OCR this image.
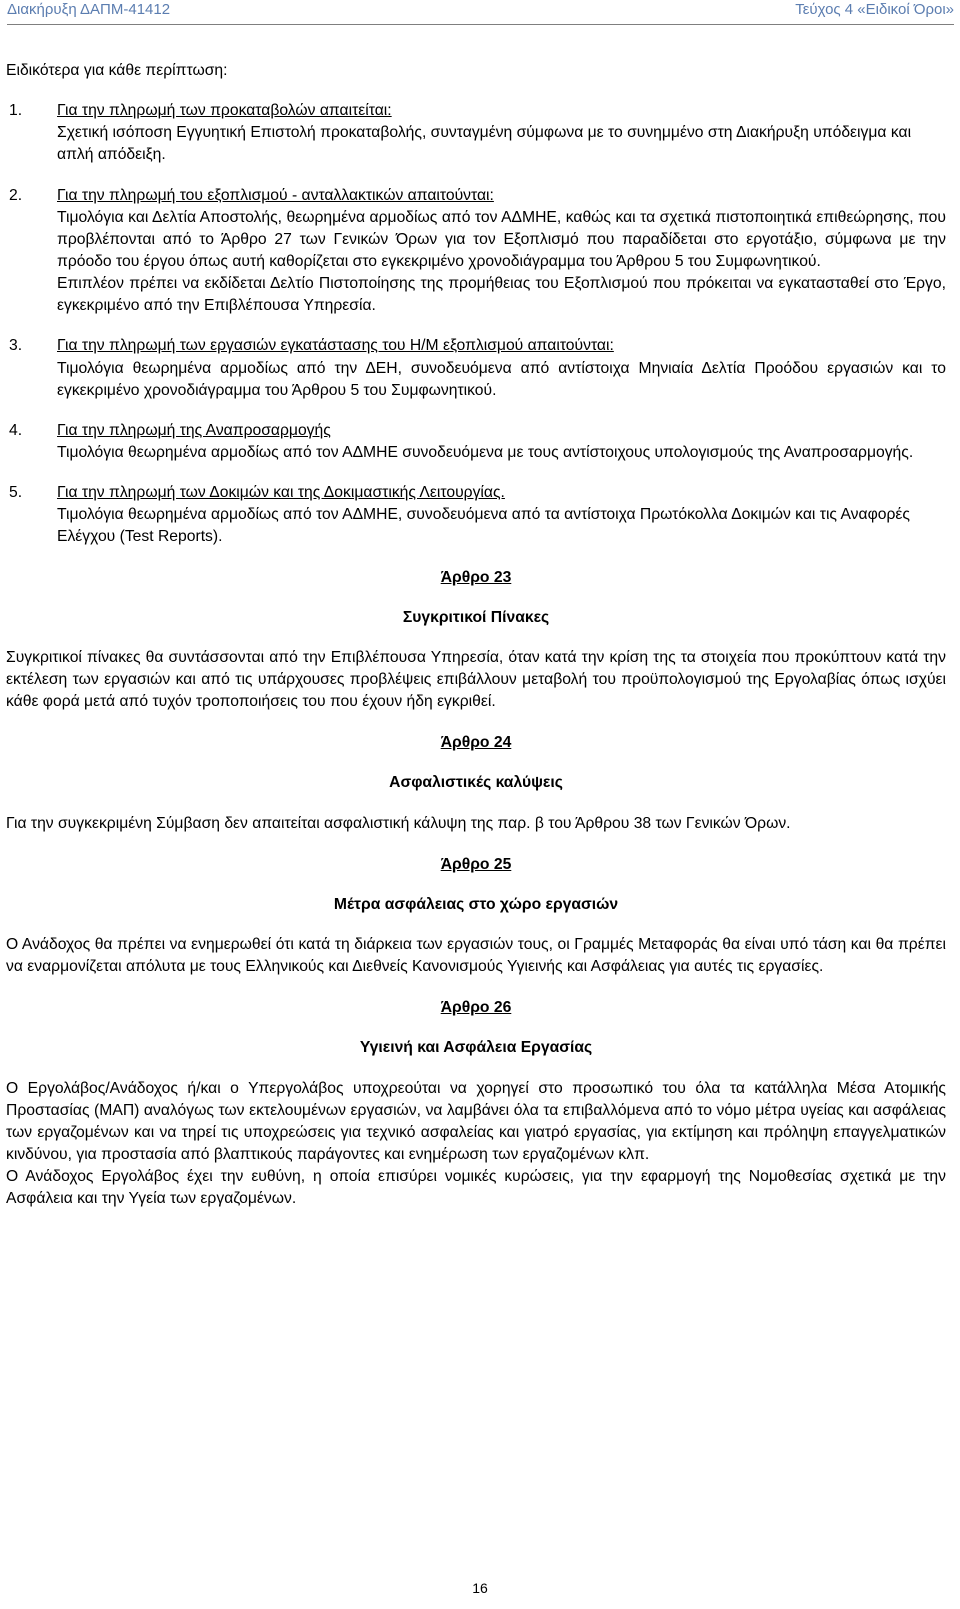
Διακήρυξη ΔΑΠΜ-41412	Τεύχος 4 «Ειδικοί Όροι»

Ειδικότερα για κάθε περίπτωση:

1. Για την πληρωμή των προκαταβολών απαιτείται:

Σχετική ισόποση Εγγυητική Επιστολή προκαταβολής, συνταγμένη σύμφωνα με το συνημμένο στη Διακήρυξη υπόδειγμα και απλή απόδειξη.

2. Για την πληρωμή του εξοπλισμού - ανταλλακτικών απαιτούνται:

Τιμολόγια και Δελτία Αποστολής, θεωρημένα αρμοδίως από τον ΑΔΜΗΕ, καθώς και τα σχετικά πιστοποιητικά επιθεώρησης, που προβλέπονται από το Άρθρο 27 των Γενικών Όρων για τον Εξοπλισμό που παραδίδεται στο εργοτάξιο, σύμφωνα με την πρόοδο του έργου όπως αυτή καθορίζεται στο εγκεκριμένο χρονοδιάγραμμα του Άρθρου 5 του Συμφωνητικού.

Επιπλέον πρέπει να εκδίδεται Δελτίο Πιστοποίησης της προμήθειας του Εξοπλισμού που πρόκειται να εγκατασταθεί στο Έργο, εγκεκριμένο από την Επιβλέπουσα Υπηρεσία.

3. Για την πληρωμή των εργασιών εγκατάστασης του Η/Μ εξοπλισμού απαιτούνται:

Τιμολόγια θεωρημένα αρμοδίως από την ΔΕΗ, συνοδευόμενα από αντίστοιχα Μηνιαία Δελτία Προόδου εργασιών και το εγκεκριμένο χρονοδιάγραμμα του Άρθρου 5 του Συμφωνητικού.

4. Για την πληρωμή της Αναπροσαρμογής

Τιμολόγια θεωρημένα αρμοδίως από τον ΑΔΜΗΕ συνοδευόμενα με τους αντίστοιχους υπολογισμούς της Αναπροσαρμογής.

5. Για την πληρωμή των Δοκιμών και της Δοκιμαστικής Λειτουργίας.

Τιμολόγια θεωρημένα αρμοδίως από τον ΑΔΜΗΕ, συνοδευόμενα από τα αντίστοιχα Πρωτόκολλα Δοκιμών και τις Αναφορές Ελέγχου (Test Reports).

Άρθρο 23

Συγκριτικοί Πίνακες

Συγκριτικοί πίνακες θα συντάσσονται από την Επιβλέπουσα Υπηρεσία, όταν κατά την κρίση της τα στοιχεία που προκύπτουν κατά την εκτέλεση των εργασιών και από τις υπάρχουσες προβλέψεις επιβάλλουν μεταβολή του προϋπολογισμού της Εργολαβίας όπως ισχύει κάθε φορά μετά από τυχόν τροποποιήσεις του που έχουν ήδη εγκριθεί.

Άρθρο 24

Ασφαλιστικές καλύψεις

Για την συγκεκριμένη Σύμβαση δεν απαιτείται ασφαλιστική κάλυψη της παρ. β του Άρθρου 38 των Γενικών Όρων.

Άρθρο 25

Μέτρα ασφάλειας στο χώρο εργασιών

Ο Ανάδοχος θα πρέπει να ενημερωθεί ότι κατά τη διάρκεια των εργασιών τους, οι Γραμμές Μεταφοράς θα είναι υπό τάση και θα πρέπει να εναρμονίζεται απόλυτα με τους Ελληνικούς και Διεθνείς Κανονισμούς Υγιεινής και Ασφάλειας για αυτές τις εργασίες.

Άρθρο 26

Υγιεινή και Ασφάλεια Εργασίας

Ο Εργολάβος/Ανάδοχος ή/και ο Υπεργολάβος υποχρεούται να χορηγεί στο προσωπικό του όλα τα κατάλληλα Μέσα Ατομικής Προστασίας (ΜΑΠ) αναλόγως των εκτελουμένων εργασιών, να λαμβάνει όλα τα επιβαλλόμενα από το νόμο μέτρα υγείας και ασφάλειας των εργαζομένων και να τηρεί τις υποχρεώσεις για τεχνικό ασφαλείας και γιατρό εργασίας, για εκτίμηση και πρόληψη επαγγελματικών κινδύνου, για προστασία από βλαπτικούς παράγοντες και ενημέρωση των εργαζομένων κλπ.

Ο Ανάδοχος Εργολάβος έχει την ευθύνη, η οποία επισύρει νομικές κυρώσεις, για την εφαρμογή της Νομοθεσίας σχετικά με την Ασφάλεια και την Υγεία των εργαζομένων.

16
